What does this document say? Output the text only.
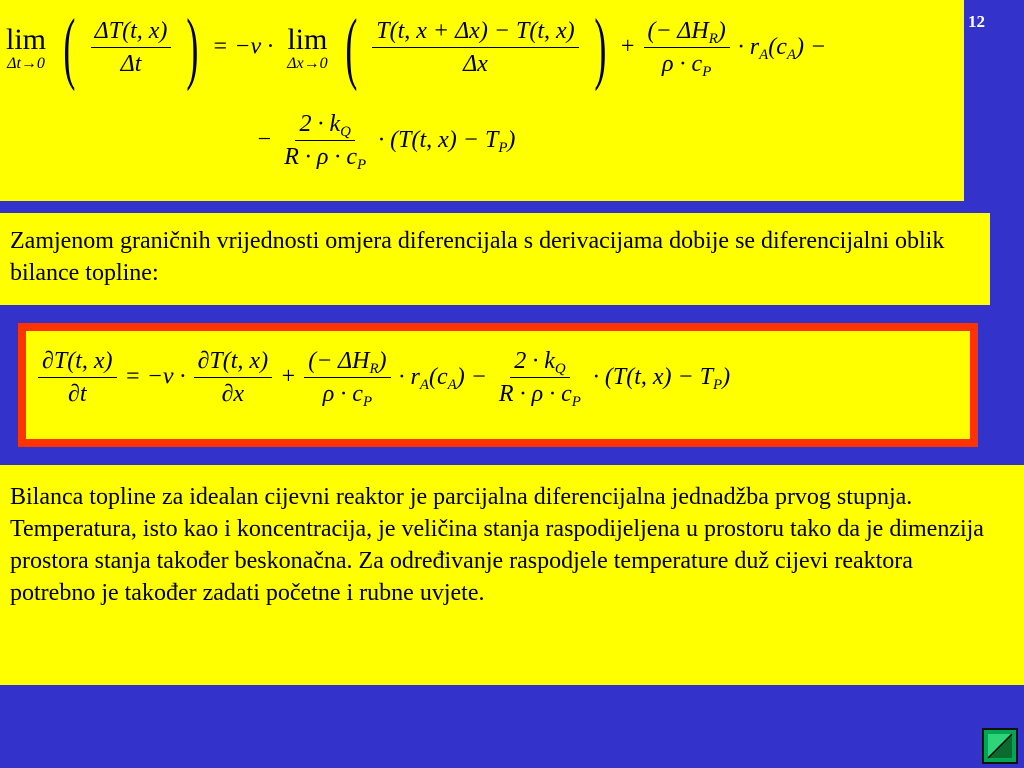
12
lim
Δt→0 ( $\frac{\Delta T(t, x)}{\Delta t}$ ) = −v · lim
Δx→0 ( $\frac{T(t, x + \Delta x) - T(t, x)}{\Delta x}$ ) + $\frac{(- \Delta H_R)}{\rho \cdot c_P} \cdot r_A(c_A)$ −
− $\frac{2 \cdot k_Q}{R \cdot \rho \cdot c_P} \cdot (T(t$, $x) - T_P$)

Zamjenom graničnih vrijednosti omjera diferencijala s derivacijama dobije se diferencijalni oblik bilance topline:

$\frac{\partial T(t, x)}{\partial t} = -v \cdot \frac{\partial T(t, x)}{\partial x} + \frac{(- \Delta H_R)}{\rho \cdot c_P} \cdot r_A(c_A) - \frac{2 \cdot k_Q}{R \cdot \rho \cdot c_P} \cdot (T(t$, $x) - T_P$)

Bilanca topline za idealan cijevni reaktor je parcijalna diferencijalna jednadžba prvog stupnja. Temperatura, isto kao i koncentracija, je veličina stanja raspodijeljena u prostoru tako da je dimenzija prostora stanja također beskonačna. Za određivanje raspodjele temperature duž cijevi reaktora potrebno je također zadati početne i rubne uvjete.
